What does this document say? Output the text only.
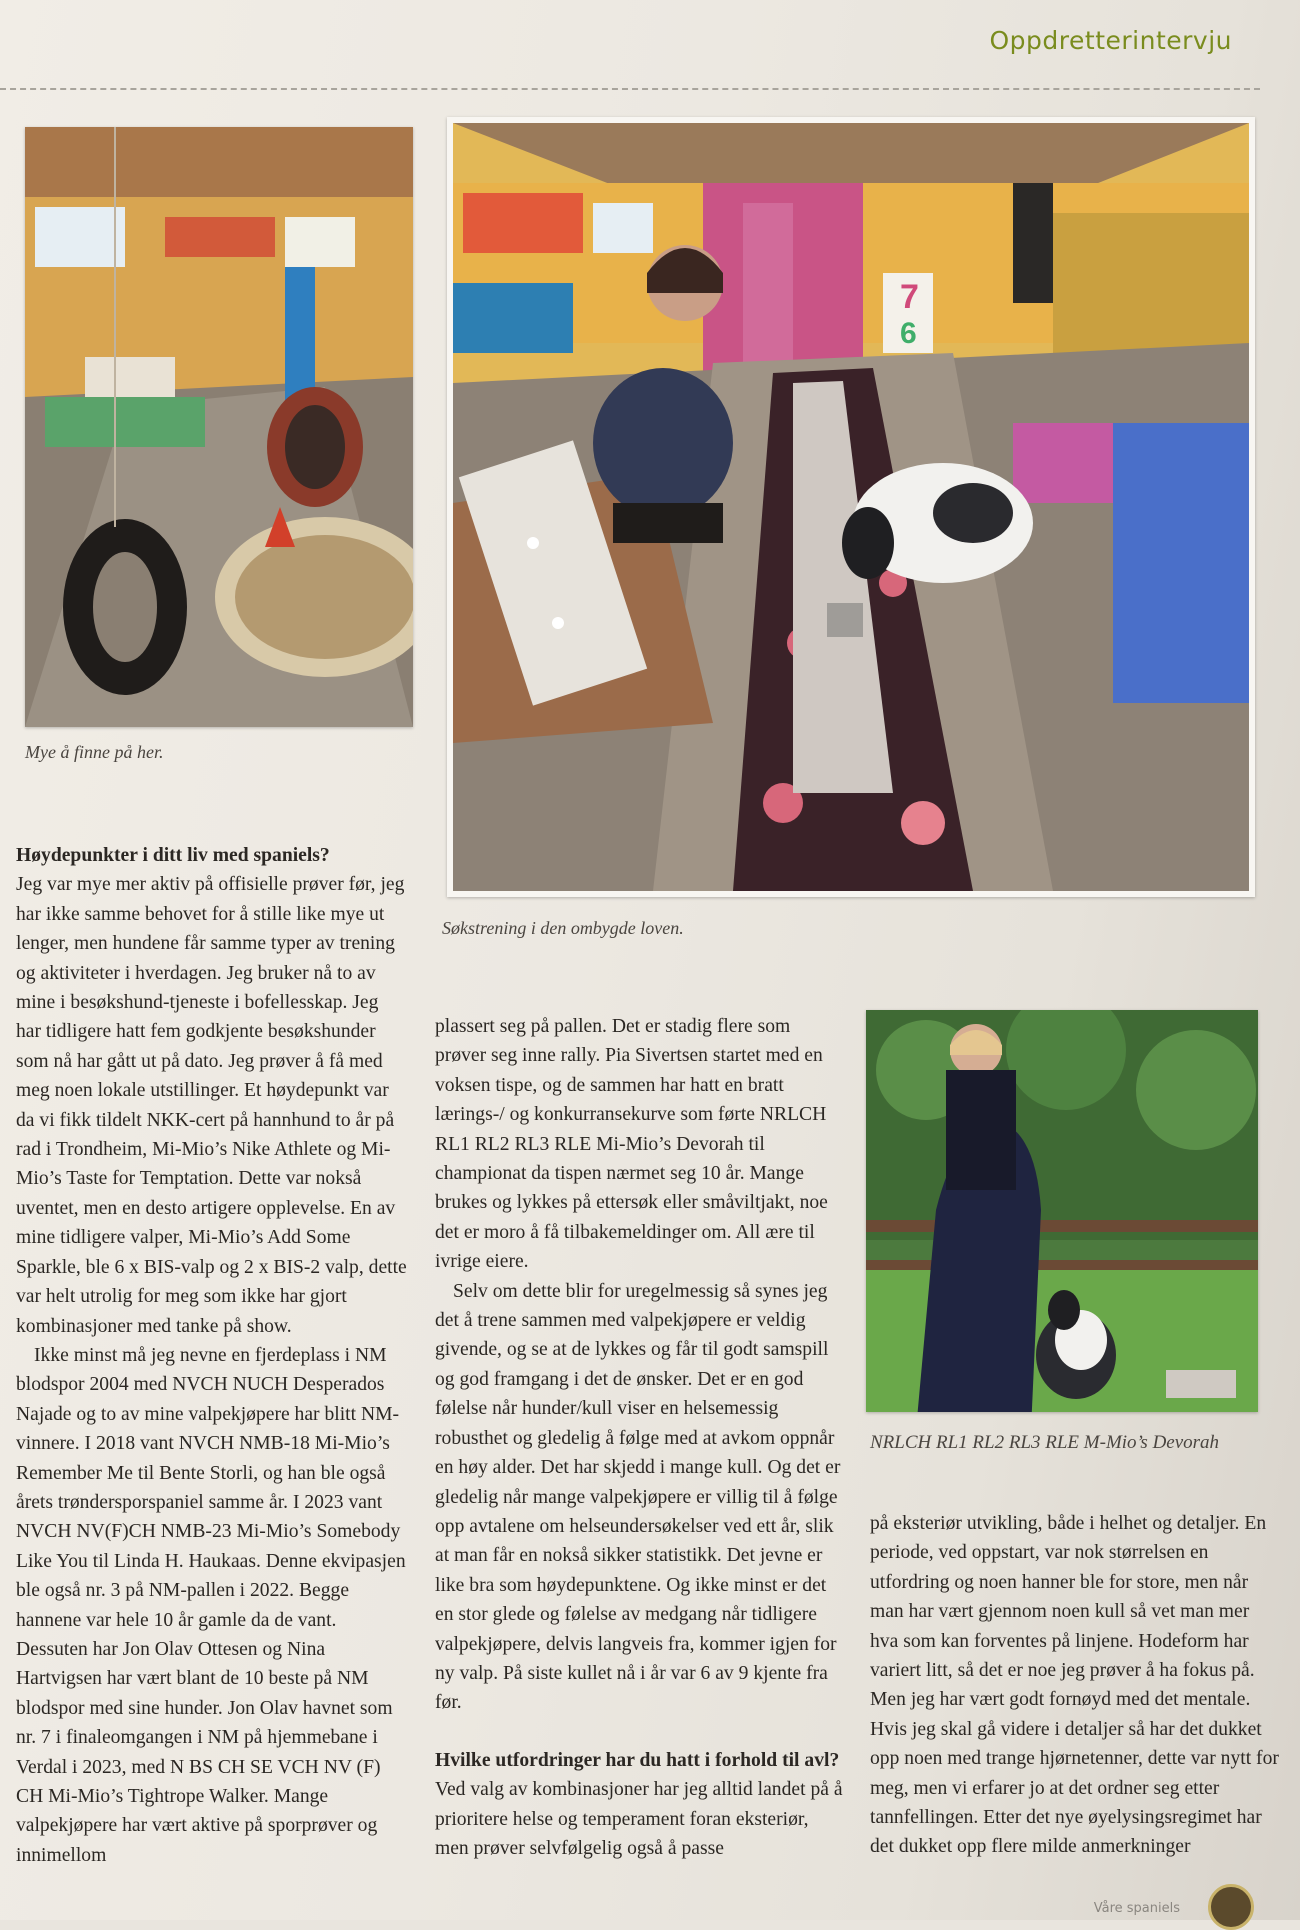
Oppdretterintervju
Mye å finne på her.
7
6
Søkstrening i den ombygde loven.
NRLCH RL1 RL2 RL3 RLE M-Mio’s Devorah
Høydepunkter i ditt liv med spaniels?

Jeg var mye mer aktiv på offisielle prøver før, jeg har ikke samme behovet for å stille like mye ut lenger, men hundene får samme typer av trening og aktiviteter i hverdagen. Jeg bruker nå to av mine i besøkshund-tjeneste i bofellesskap. Jeg har tidligere hatt fem godkjente besøkshunder som nå har gått ut på dato. Jeg prøver å få med meg noen lokale utstillinger. Et høydepunkt var da vi fikk tildelt NKK-cert på hannhund to år på rad i Trondheim, Mi-Mio’s Nike Athlete og Mi-Mio’s Taste for Temptation. Dette var nokså uventet, men en desto artigere opplevelse. En av mine tidligere valper, Mi-Mio’s Add Some Sparkle, ble 6 x BIS-valp og 2 x BIS-2 valp, dette var helt utrolig for meg som ikke har gjort kombinasjoner med tanke på show.

Ikke minst må jeg nevne en fjerdeplass i NM blodspor 2004 med NVCH NUCH Desperados Najade og to av mine valpekjøpere har blitt NM-vinnere. I 2018 vant NVCH NMB-18 Mi-Mio’s Remember Me til Bente Storli, og han ble også årets trøndersporspaniel samme år. I 2023 vant NVCH NV(F)CH NMB-23 Mi-Mio’s Somebody Like You til Linda H. Haukaas. Denne ekvipasjen ble også nr. 3 på NM-pallen i 2022. Begge hannene var hele 10 år gamle da de vant. Dessuten har Jon Olav Ottesen og Nina Hartvigsen har vært blant de 10 beste på NM blodspor med sine hunder. Jon Olav havnet som nr. 7 i finaleomgangen i NM på hjemmebane i Verdal i 2023, med N BS CH SE VCH NV (F) CH Mi-Mio’s Tightrope Walker. Mange valpekjøpere har vært aktive på sporprøver og innimellom

plassert seg på pallen. Det er stadig flere som prøver seg inne rally. Pia Sivertsen startet med en voksen tispe, og de sammen har hatt en bratt lærings-/ og konkurransekurve som førte NRLCH RL1 RL2 RL3 RLE Mi-Mio’s Devorah til championat da tispen nærmet seg 10 år. Mange brukes og lykkes på ettersøk eller småviltjakt, noe det er moro å få tilbakemeldinger om. All ære til ivrige eiere.

Selv om dette blir for uregelmessig så synes jeg det å trene sammen med valpekjøpere er veldig givende, og se at de lykkes og får til godt samspill og god framgang i det de ønsker. Det er en god følelse når hunder/kull viser en helsemessig robusthet og gledelig å følge med at avkom oppnår en høy alder. Det har skjedd i mange kull. Og det er gledelig når mange valpekjøpere er villig til å følge opp avtalene om helseundersøkelser ved ett år, slik at man får en nokså sikker statistikk. Det jevne er like bra som høydepunktene. Og ikke minst er det en stor glede og følelse av medgang når tidligere valpekjøpere, delvis langveis fra, kommer igjen for ny valp. På siste kullet nå i år var 6 av 9 kjente fra før.

Hvilke utfordringer har du hatt i forhold til avl?

Ved valg av kombinasjoner har jeg alltid landet på å prioritere helse og temperament foran eksteriør, men prøver selvfølgelig også å passe

på eksteriør utvikling, både i helhet og detaljer. En periode, ved oppstart, var nok størrelsen en utfordring og noen hanner ble for store, men når man har vært gjennom noen kull så vet man mer hva som kan forventes på linjene. Hodeform har variert litt, så det er noe jeg prøver å ha fokus på. Men jeg har vært godt fornøyd med det mentale. Hvis jeg skal gå videre i detaljer så har det dukket opp noen med trange hjørnetenner, dette var nytt for meg, men vi erfarer jo at det ordner seg etter tannfellingen. Etter det nye øyelysingsregimet har det dukket opp flere milde anmerkninger

Våre spaniels
